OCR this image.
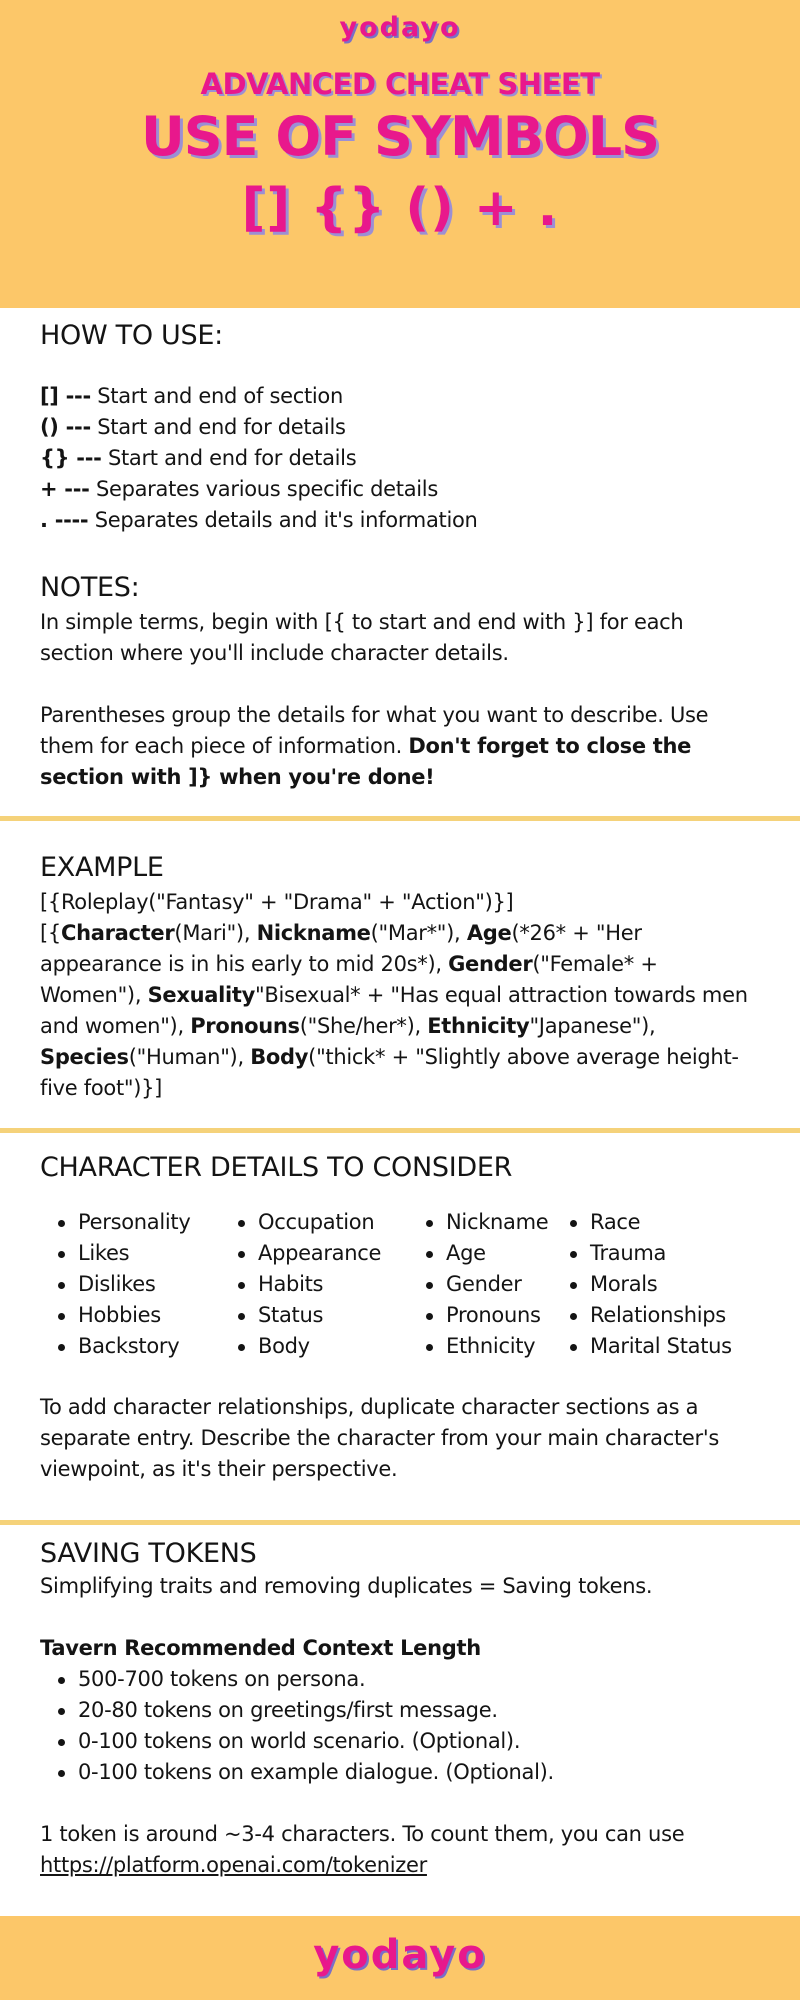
yodayo
ADVANCED CHEAT SHEET
USE OF SYMBOLS
[] {} () + .
HOW TO USE:
[] --- Start and end of section
() --- Start and end for details
{} --- Start and end for details
+ --- Separates various specific details
. ---- Separates details and it's information
NOTES:
In simple terms, begin with [{ to start and end with }] for each section where you'll include character details.
Parentheses group the details for what you want to describe. Use them for each piece of information. Don't forget to close the section with ]} when you're done!
EXAMPLE
[{Roleplay("Fantasy" + "Drama" + "Action")}]
[{Character(Mari"), Nickname("Mar*"), Age(*26* + "Her appearance is in his early to mid 20s*), Gender("Female* + Women"), Sexuality"Bisexual* + "Has equal attraction towards men and women"), Pronouns("She/her*), Ethnicity"Japanese"), Species("Human"), Body("thick* + "Slightly above average height-five foot")}]
CHARACTER DETAILS TO CONSIDER
Personality
Likes
Dislikes
Hobbies
Backstory
Occupation
Appearance
Habits
Status
Body
Nickname
Age
Gender
Pronouns
Ethnicity
Race
Trauma
Morals
Relationships
Marital Status
To add character relationships, duplicate character sections as a separate entry. Describe the character from your main character's viewpoint, as it's their perspective.
SAVING TOKENS
Simplifying traits and removing duplicates = Saving tokens.
Tavern Recommended Context Length
500-700 tokens on persona.
20-80 tokens on greetings/first message.
0-100 tokens on world scenario. (Optional).
0-100 tokens on example dialogue. (Optional).
1 token is around ~3-4 characters. To count them, you can use
https://platform.openai.com/tokenizer
yodayo
